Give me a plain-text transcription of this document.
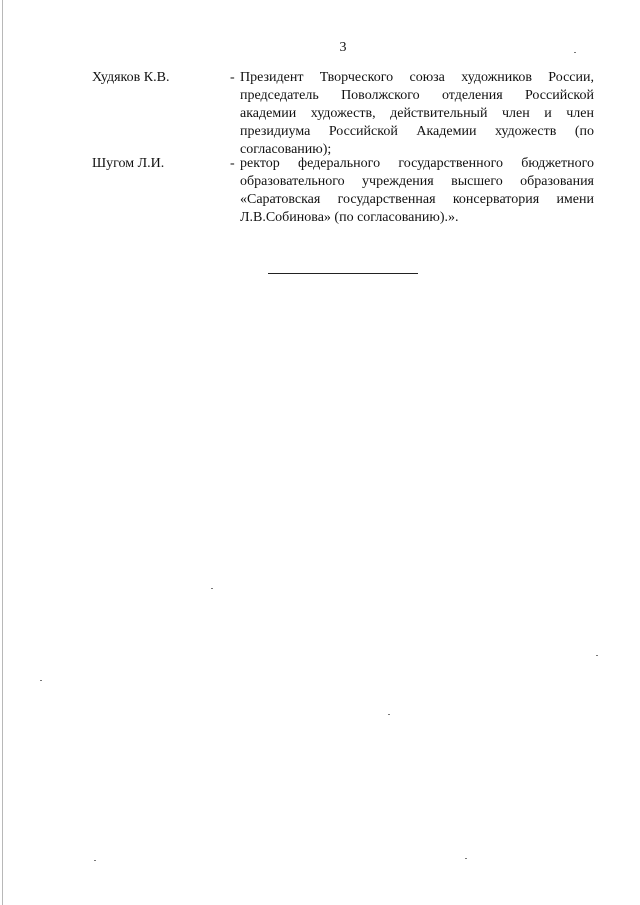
3
Худяков К.В.	- Президент Творческого союза художников России, председатель Поволжского отделения Российской академии художеств, действительный член и член президиума Российской Академии художеств (по согласованию);
Шугом Л.И.	- ректор федерального государственного бюджетного образовательного учреждения высшего образования «Саратовская государственная консерватория имени Л.В.Собинова» (по согласованию).».
